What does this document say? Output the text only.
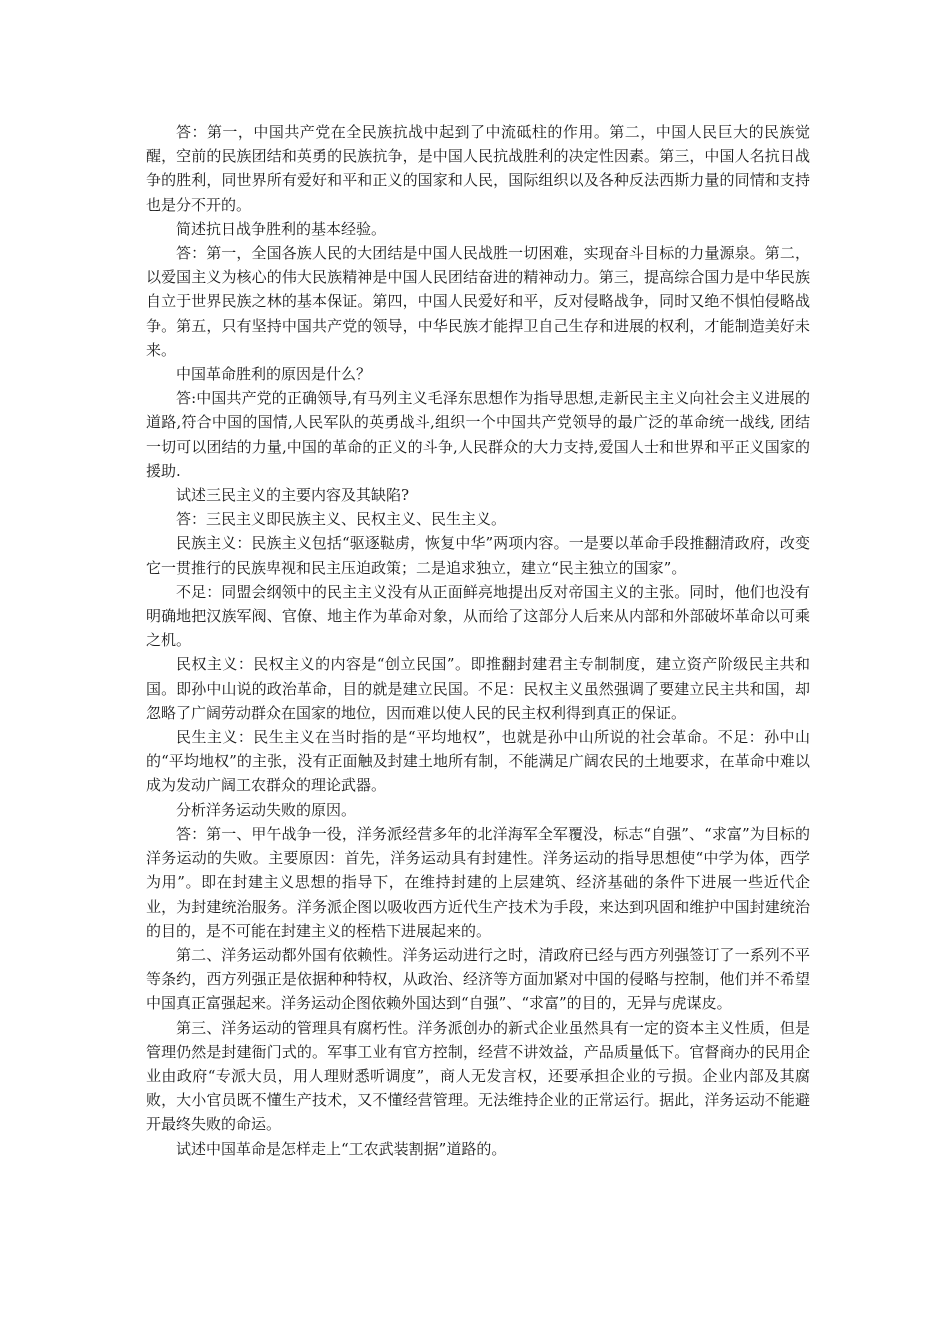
答：第一，中国共产党在全民族抗战中起到了中流砥柱的作用。第二，中国人民巨大的民族觉醒，空前的民族团结和英勇的民族抗争，是中国人民抗战胜利的决定性因素。第三，中国人名抗日战争的胜利，同世界所有爱好和平和正义的国家和人民，国际组织以及各种反法西斯力量的同情和支持也是分不开的。

简述抗日战争胜利的基本经验。

答：第一，全国各族人民的大团结是中国人民战胜一切困难，实现奋斗目标的力量源泉。第二，以爱国主义为核心的伟大民族精神是中国人民团结奋进的精神动力。第三，提高综合国力是中华民族自立于世界民族之林的基本保证。第四，中国人民爱好和平，反对侵略战争，同时又绝不惧怕侵略战争。第五，只有坚持中国共产党的领导，中华民族才能捍卫自己生存和进展的权利，才能制造美好未来。

中国革命胜利的原因是什么？

答:中国共产党的正确领导,有马列主义毛泽东思想作为指导思想,走新民主主义向社会主义进展的道路,符合中国的国情,人民军队的英勇战斗,组织一个中国共产党领导的最广泛的革命统一战线, 团结一切可以团结的力量,中国的革命的正义的斗争,人民群众的大力支持,爱国人士和世界和平正义国家的援助.

试述三民主义的主要内容及其缺陷?

答：三民主义即民族主义、民权主义、民生主义。

民族主义：民族主义包括“驱逐鞑虏，恢复中华”两项内容。一是要以革命手段推翻清政府，改变它一贯推行的民族卑视和民主压迫政策；二是追求独立，建立“民主独立的国家”。

不足：同盟会纲领中的民主主义没有从正面鲜亮地提出反对帝国主义的主张。同时，他们也没有明确地把汉族军阀、官僚、地主作为革命对象，从而给了这部分人后来从内部和外部破坏革命以可乘之机。

民权主义：民权主义的内容是“创立民国”。即推翻封建君主专制制度，建立资产阶级民主共和国。即孙中山说的政治革命，目的就是建立民国。不足：民权主义虽然强调了要建立民主共和国，却忽略了广阔劳动群众在国家的地位，因而难以使人民的民主权利得到真正的保证。

民生主义：民生主义在当时指的是“平均地权”，也就是孙中山所说的社会革命。不足：孙中山的“平均地权”的主张，没有正面触及封建土地所有制，不能满足广阔农民的土地要求，在革命中难以成为发动广阔工农群众的理论武器。

分析洋务运动失败的原因。

答：第一、甲午战争一役，洋务派经营多年的北洋海军全军覆没，标志“自强”、“求富”为目标的洋务运动的失败。主要原因：首先，洋务运动具有封建性。洋务运动的指导思想使“中学为体，西学为用”。即在封建主义思想的指导下，在维持封建的上层建筑、经济基础的条件下进展一些近代企业，为封建统治服务。洋务派企图以吸收西方近代生产技术为手段，来达到巩固和维护中国封建统治的目的，是不可能在封建主义的桎梏下进展起来的。

第二、洋务运动都外国有依赖性。洋务运动进行之时，清政府已经与西方列强签订了一系列不平等条约，西方列强正是依据种种特权，从政治、经济等方面加紧对中国的侵略与控制，他们并不希望中国真正富强起来。洋务运动企图依赖外国达到“自强”、“求富”的目的，无异与虎谋皮。

第三、洋务运动的管理具有腐朽性。洋务派创办的新式企业虽然具有一定的资本主义性质，但是管理仍然是封建衙门式的。军事工业有官方控制，经营不讲效益，产品质量低下。官督商办的民用企业由政府“专派大员，用人理财悉听调度”，商人无发言权，还要承担企业的亏损。企业内部及其腐败，大小官员既不懂生产技术，又不懂经营管理。无法维持企业的正常运行。据此，洋务运动不能避开最终失败的命运。

试述中国革命是怎样走上“工农武装割据”道路的。
